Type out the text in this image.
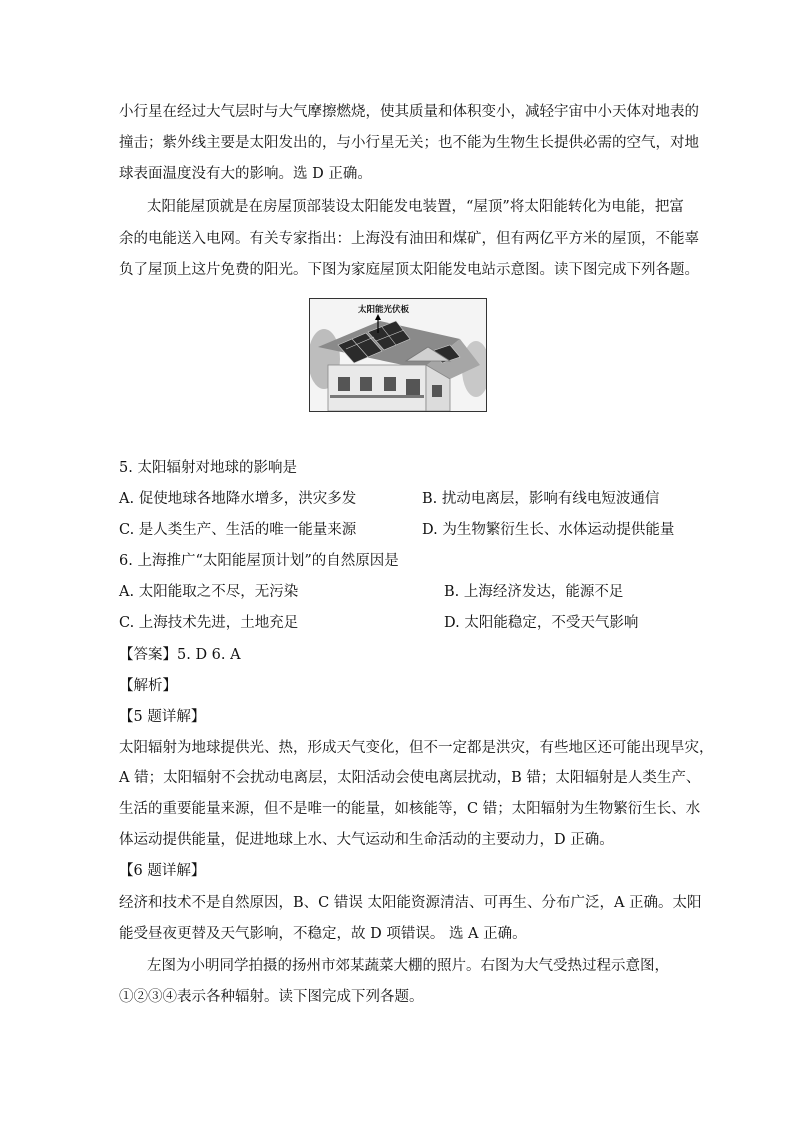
小行星在经过大气层时与大气摩擦燃烧，使其质量和体积变小，减轻宇宙中小天体对地表的
撞击；紫外线主要是太阳发出的，与小行星无关；也不能为生物生长提供必需的空气，对地
球表面温度没有大的影响。选 D 正确。
太阳能屋顶就是在房屋顶部装设太阳能发电装置，“屋顶”将太阳能转化为电能，把富
余的电能送入电网。有关专家指出：上海没有油田和煤矿，但有两亿平方米的屋顶，不能辜
负了屋顶上这片免费的阳光。下图为家庭屋顶太阳能发电站示意图。读下图完成下列各题。
太阳能光伏板
5. 太阳辐射对地球的影响是
A. 促使地球各地降水增多，洪灾多发	B. 扰动电离层，影响有线电短波通信
C. 是人类生产、生活的唯一能量来源	D. 为生物繁衍生长、水体运动提供能量
6. 上海推广“太阳能屋顶计划”的自然原因是
A. 太阳能取之不尽，无污染	B. 上海经济发达，能源不足
C. 上海技术先进，土地充足	D. 太阳能稳定，不受天气影响
【答案】5. D 6. A
【解析】
【5 题详解】
太阳辐射为地球提供光、热，形成天气变化，但不一定都是洪灾，有些地区还可能出现旱灾，
A 错；太阳辐射不会扰动电离层，太阳活动会使电离层扰动，B 错；太阳辐射是人类生产、
生活的重要能量来源，但不是唯一的能量，如核能等，C 错；太阳辐射为生物繁衍生长、水
体运动提供能量，促进地球上水、大气运动和生命活动的主要动力，D 正确。
【6 题详解】
经济和技术不是自然原因，B、C 错误 太阳能资源清洁、可再生、分布广泛，A 正确。太阳
能受昼夜更替及天气影响，不稳定，故 D 项错误。 选 A 正确。
左图为小明同学拍摄的扬州市郊某蔬菜大棚的照片。右图为大气受热过程示意图，
①②③④表示各种辐射。读下图完成下列各题。
